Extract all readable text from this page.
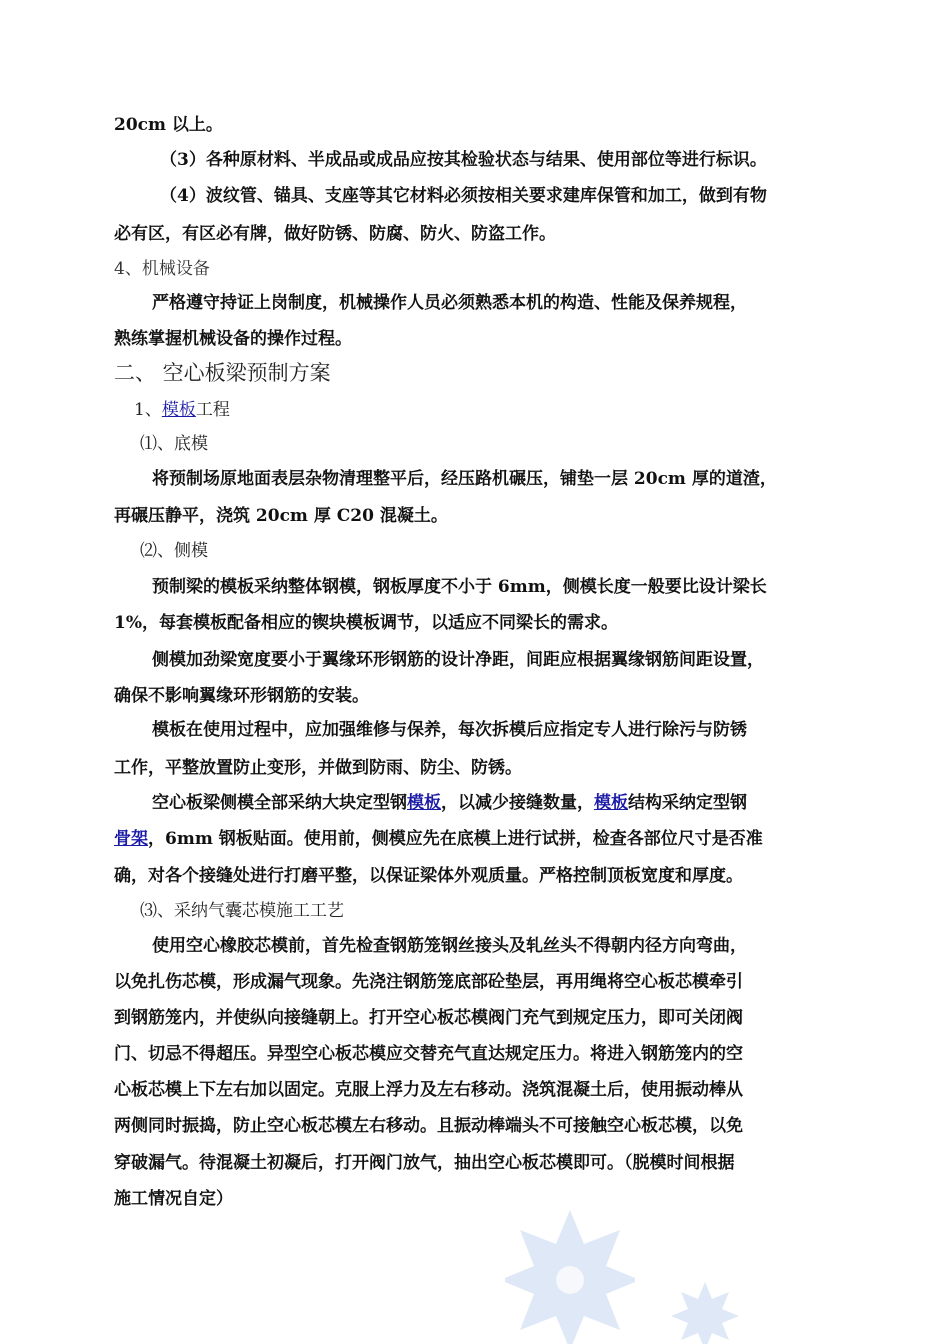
20cm 以上。
（3）各种原材料、半成品或成品应按其检验状态与结果、使用部位等进行标识。
（4）波纹管、锚具、支座等其它材料必须按相关要求建库保管和加工，做到有物
必有区，有区必有牌，做好防锈、防腐、防火、防盗工作。
4、机械设备
严格遵守持证上岗制度，机械操作人员必须熟悉本机的构造、性能及保养规程，
熟练掌握机械设备的操作过程。
二、 空心板梁预制方案
1、模板工程
⑴、底模
将预制场原地面表层杂物清理整平后，经压路机碾压，铺垫一层 20cm 厚的道渣，
再碾压静平，浇筑 20cm 厚 C20 混凝土。
⑵、侧模
预制梁的模板采纳整体钢模，钢板厚度不小于 6mm，侧模长度一般要比设计梁长
1%，每套模板配备相应的锲块模板调节，以适应不同梁长的需求。
侧模加劲梁宽度要小于翼缘环形钢筋的设计净距，间距应根据翼缘钢筋间距设置，
确保不影响翼缘环形钢筋的安装。
模板在使用过程中，应加强维修与保养，每次拆模后应指定专人进行除污与防锈
工作，平整放置防止变形，并做到防雨、防尘、防锈。
空心板梁侧模全部采纳大块定型钢模板，以减少接缝数量，模板结构采纳定型钢
骨架，6mm 钢板贴面。使用前，侧模应先在底模上进行试拼，检查各部位尺寸是否准
确，对各个接缝处进行打磨平整，以保证梁体外观质量。严格控制顶板宽度和厚度。
⑶、采纳气囊芯模施工工艺
使用空心橡胶芯模前，首先检查钢筋笼钢丝接头及轧丝头不得朝内径方向弯曲，
以免扎伤芯模，形成漏气现象。先浇注钢筋笼底部砼垫层，再用绳将空心板芯模牵引
到钢筋笼内，并使纵向接缝朝上。打开空心板芯模阀门充气到规定压力，即可关闭阀
门、切忌不得超压。异型空心板芯模应交替充气直达规定压力。将进入钢筋笼内的空
心板芯模上下左右加以固定。克服上浮力及左右移动。浇筑混凝土后，使用振动棒从
两侧同时振捣，防止空心板芯模左右移动。且振动棒端头不可接触空心板芯模，以免
穿破漏气。待混凝土初凝后，打开阀门放气，抽出空心板芯模即可。（脱模时间根据
施工情况自定）
